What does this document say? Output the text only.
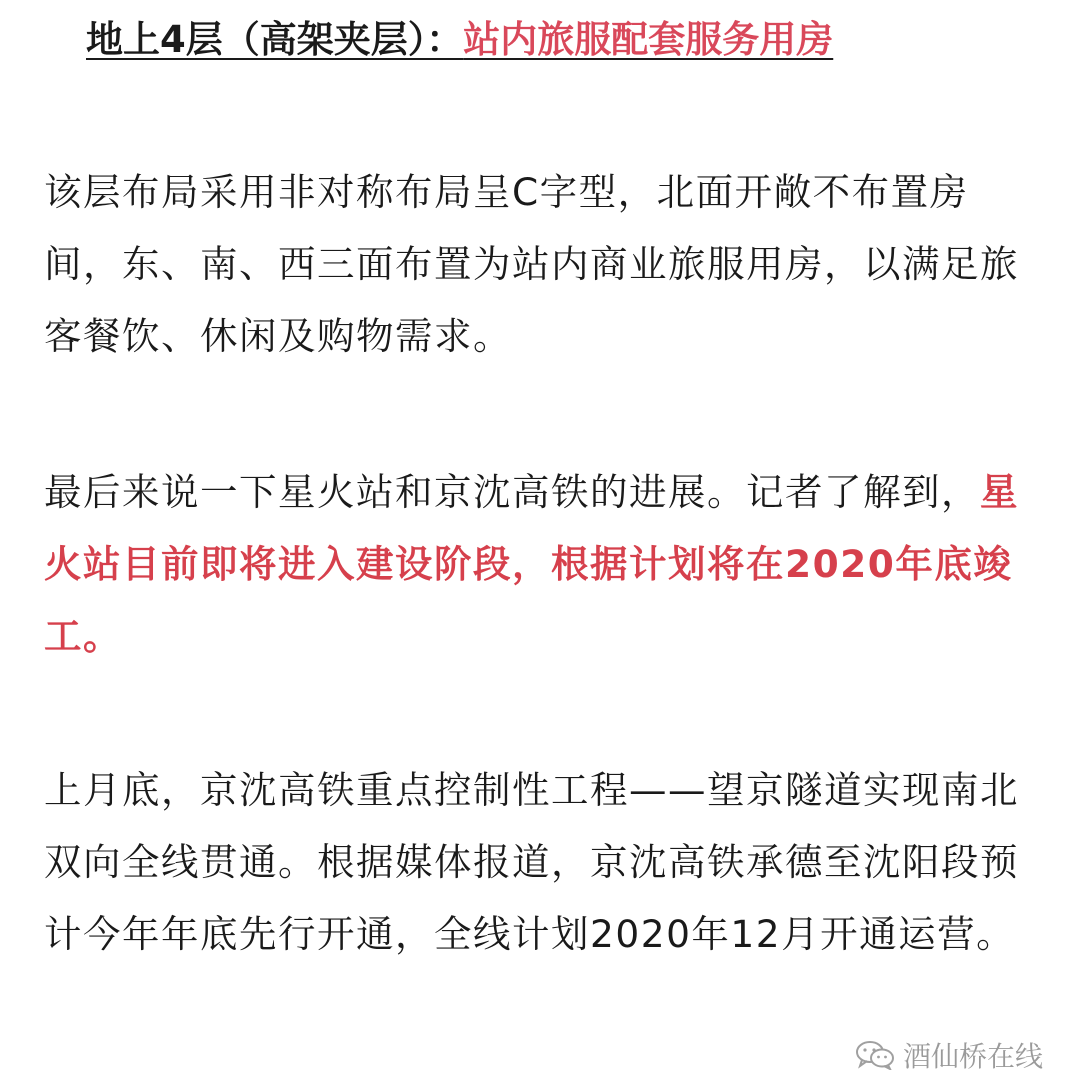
地上4层（高架夹层）：站内旅服配套服务用房

该层布局采用非对称布局呈C字型，北面开敞不布置房间，东、南、西三面布置为站内商业旅服用房，以满足旅客餐饮、休闲及购物需求。

最后来说一下星火站和京沈高铁的进展。记者了解到，星火站目前即将进入建设阶段，根据计划将在2020年底竣工。

上月底，京沈高铁重点控制性工程——望京隧道实现南北双向全线贯通。根据媒体报道，京沈高铁承德至沈阳段预计今年年底先行开通，全线计划2020年12月开通运营。

酒仙桥在线
